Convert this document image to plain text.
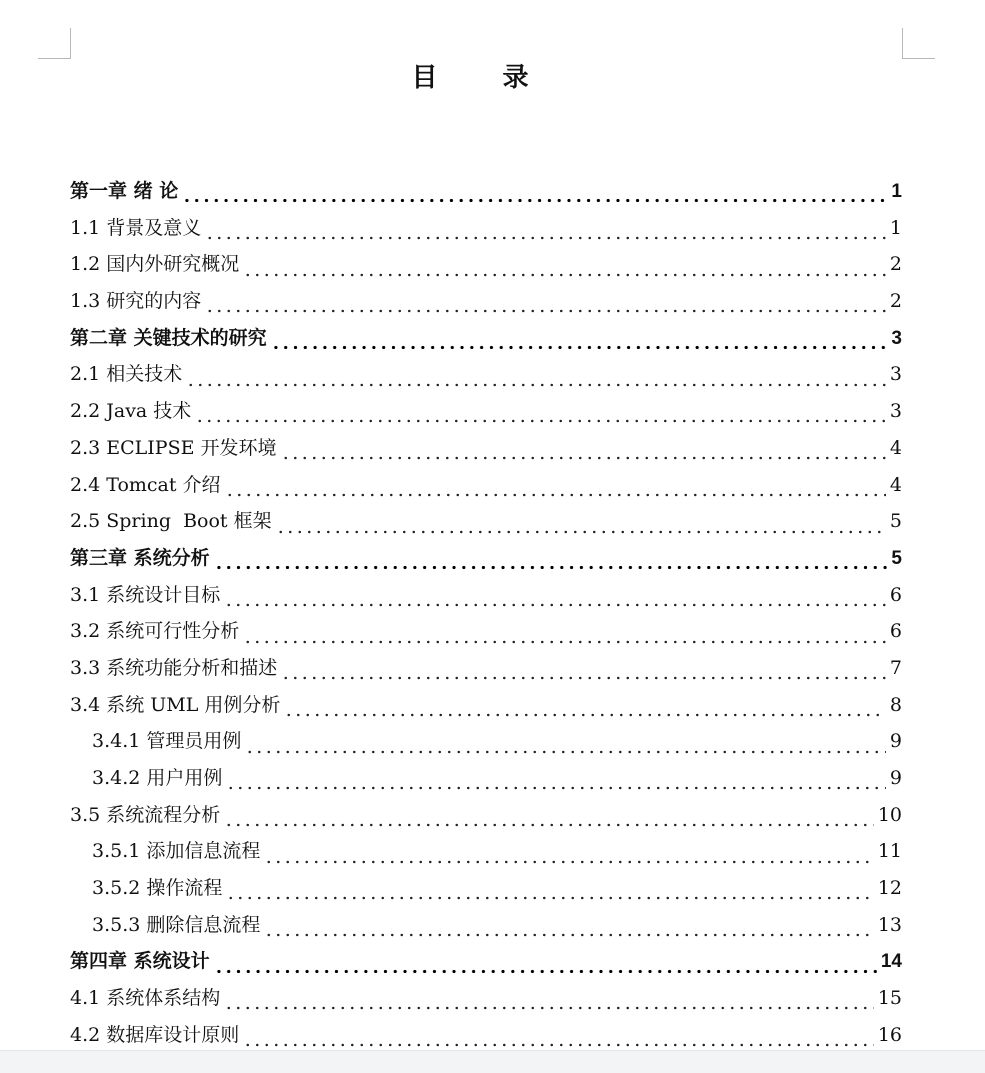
目 录
第一章 绪 论	1
1.1 背景及意义	1
1.2 国内外研究概况	2
1.3 研究的内容	2
第二章 关键技术的研究	3
2.1 相关技术	3
2.2 Java 技术	3
2.3 ECLIPSE 开发环境	4
2.4 Tomcat 介绍	4
2.5 Spring  Boot 框架	5
第三章 系统分析	5
3.1 系统设计目标	6
3.2 系统可行性分析	6
3.3 系统功能分析和描述	7
3.4 系统 UML 用例分析	8
3.4.1 管理员用例	9
3.4.2 用户用例	9
3.5 系统流程分析	10
3.5.1 添加信息流程	11
3.5.2 操作流程	12
3.5.3 删除信息流程	13
第四章 系统设计	14
4.1 系统体系结构	15
4.2 数据库设计原则	16
